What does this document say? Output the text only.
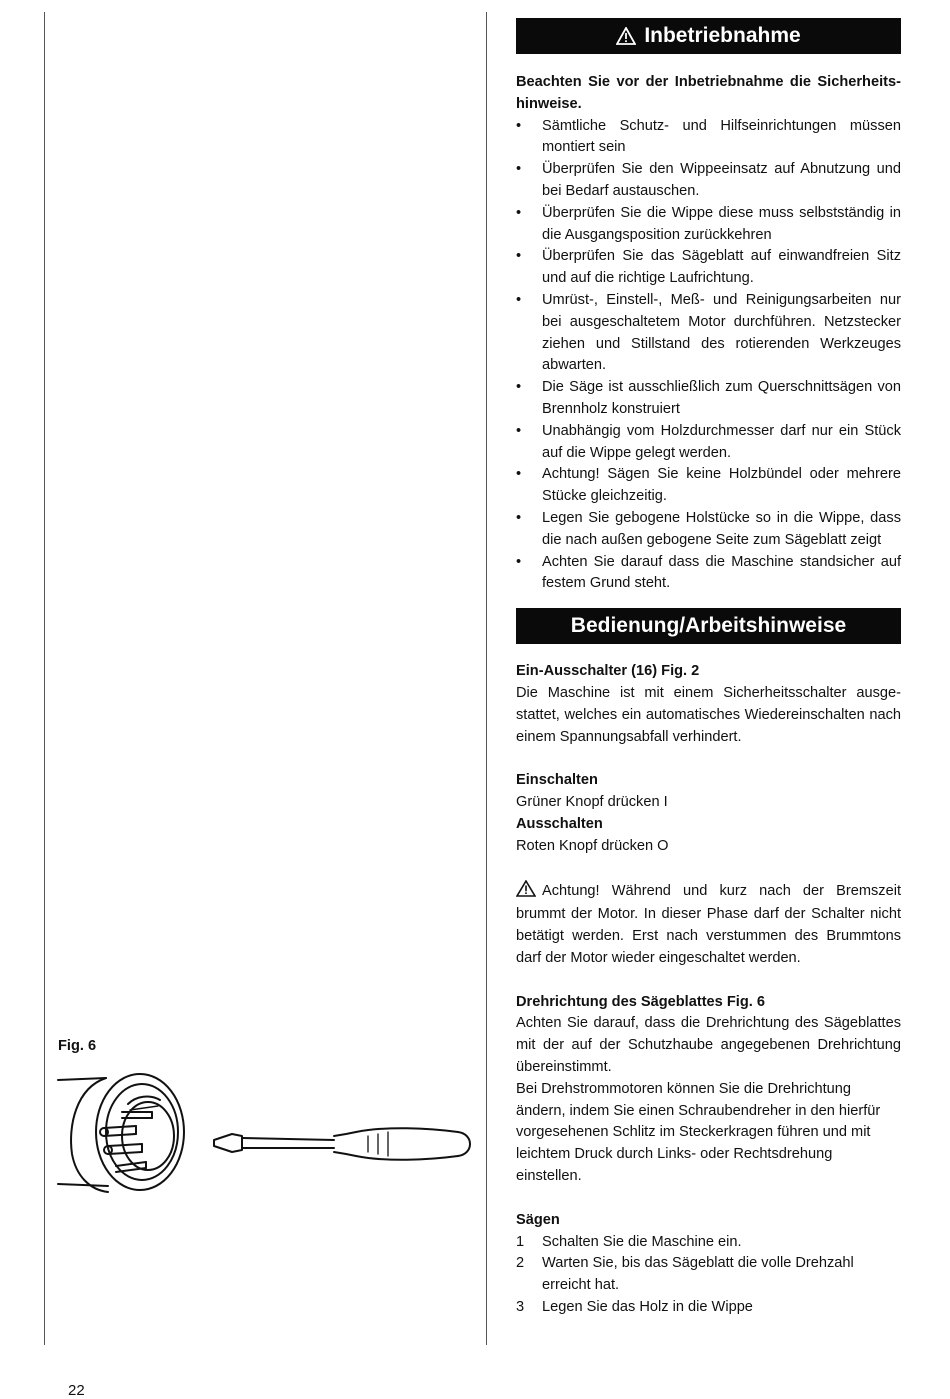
Inbetriebnahme

Beachten Sie vor der Inbetriebnahme die Sicherheitshinweise.

• Sämtliche Schutz- und Hilfseinrichtungen müssen montiert sein
• Überprüfen Sie den Wippeeinsatz auf Abnutzung und bei Bedarf austauschen.
• Überprüfen Sie die Wippe diese muss selbstständig in die Ausgangsposition zurückkehren
• Überprüfen Sie das Sägeblatt auf einwandfreien Sitz und auf die richtige Laufrichtung.
• Umrüst-, Einstell-, Meß- und Reinigungsarbeiten nur bei ausgeschaltetem Motor durchführen. Netzstecker ziehen und Stillstand des rotierenden Werkzeuges abwarten.
• Die Säge ist ausschließlich zum Querschnittsägen von Brennholz konstruiert
• Unabhängig vom Holzdurchmesser darf nur ein Stück auf die Wippe gelegt werden.
• Achtung! Sägen Sie keine Holzbündel oder mehrere Stücke gleichzeitig.
• Legen Sie gebogene Holstücke so in die Wippe, dass die nach außen gebogene Seite zum Sägeblatt zeigt
• Achten Sie darauf dass die Maschine standsicher auf festem Grund steht.
Bedienung/Arbeitshinweise

Ein-Ausschalter (16) Fig. 2

Die Maschine ist mit einem Sicherheitsschalter ausgestattet, welches ein automatisches Wiedereinschalten nach einem Spannungsabfall verhindert.

Einschalten

Grüner Knopf drücken I

Ausschalten

Roten Knopf drücken O

Achtung! Während und kurz nach der Bremszeit brummt der Motor. In dieser Phase darf der Schalter nicht betätigt werden. Erst nach verstummen des Brummtons darf der Motor wieder eingeschaltet werden.

Drehrichtung des Sägeblattes Fig. 6

Achten Sie darauf, dass die Drehrichtung des Sägeblattes mit der auf der Schutzhaube angegebenen Drehrichtung übereinstimmt.

Bei Drehstrommotoren können Sie die Drehrichtung ändern, indem Sie einen Schraubendreher in den hierfür vorgesehenen Schlitz im Steckerkragen führen und mit leichtem Druck durch Links- oder Rechtsdrehung einstellen.

Sägen

1 Schalten Sie die Maschine ein.
2 Warten Sie, bis das Sägeblatt die volle Drehzahl erreicht hat.
3 Legen Sie das Holz in die Wippe
Fig. 6
22
